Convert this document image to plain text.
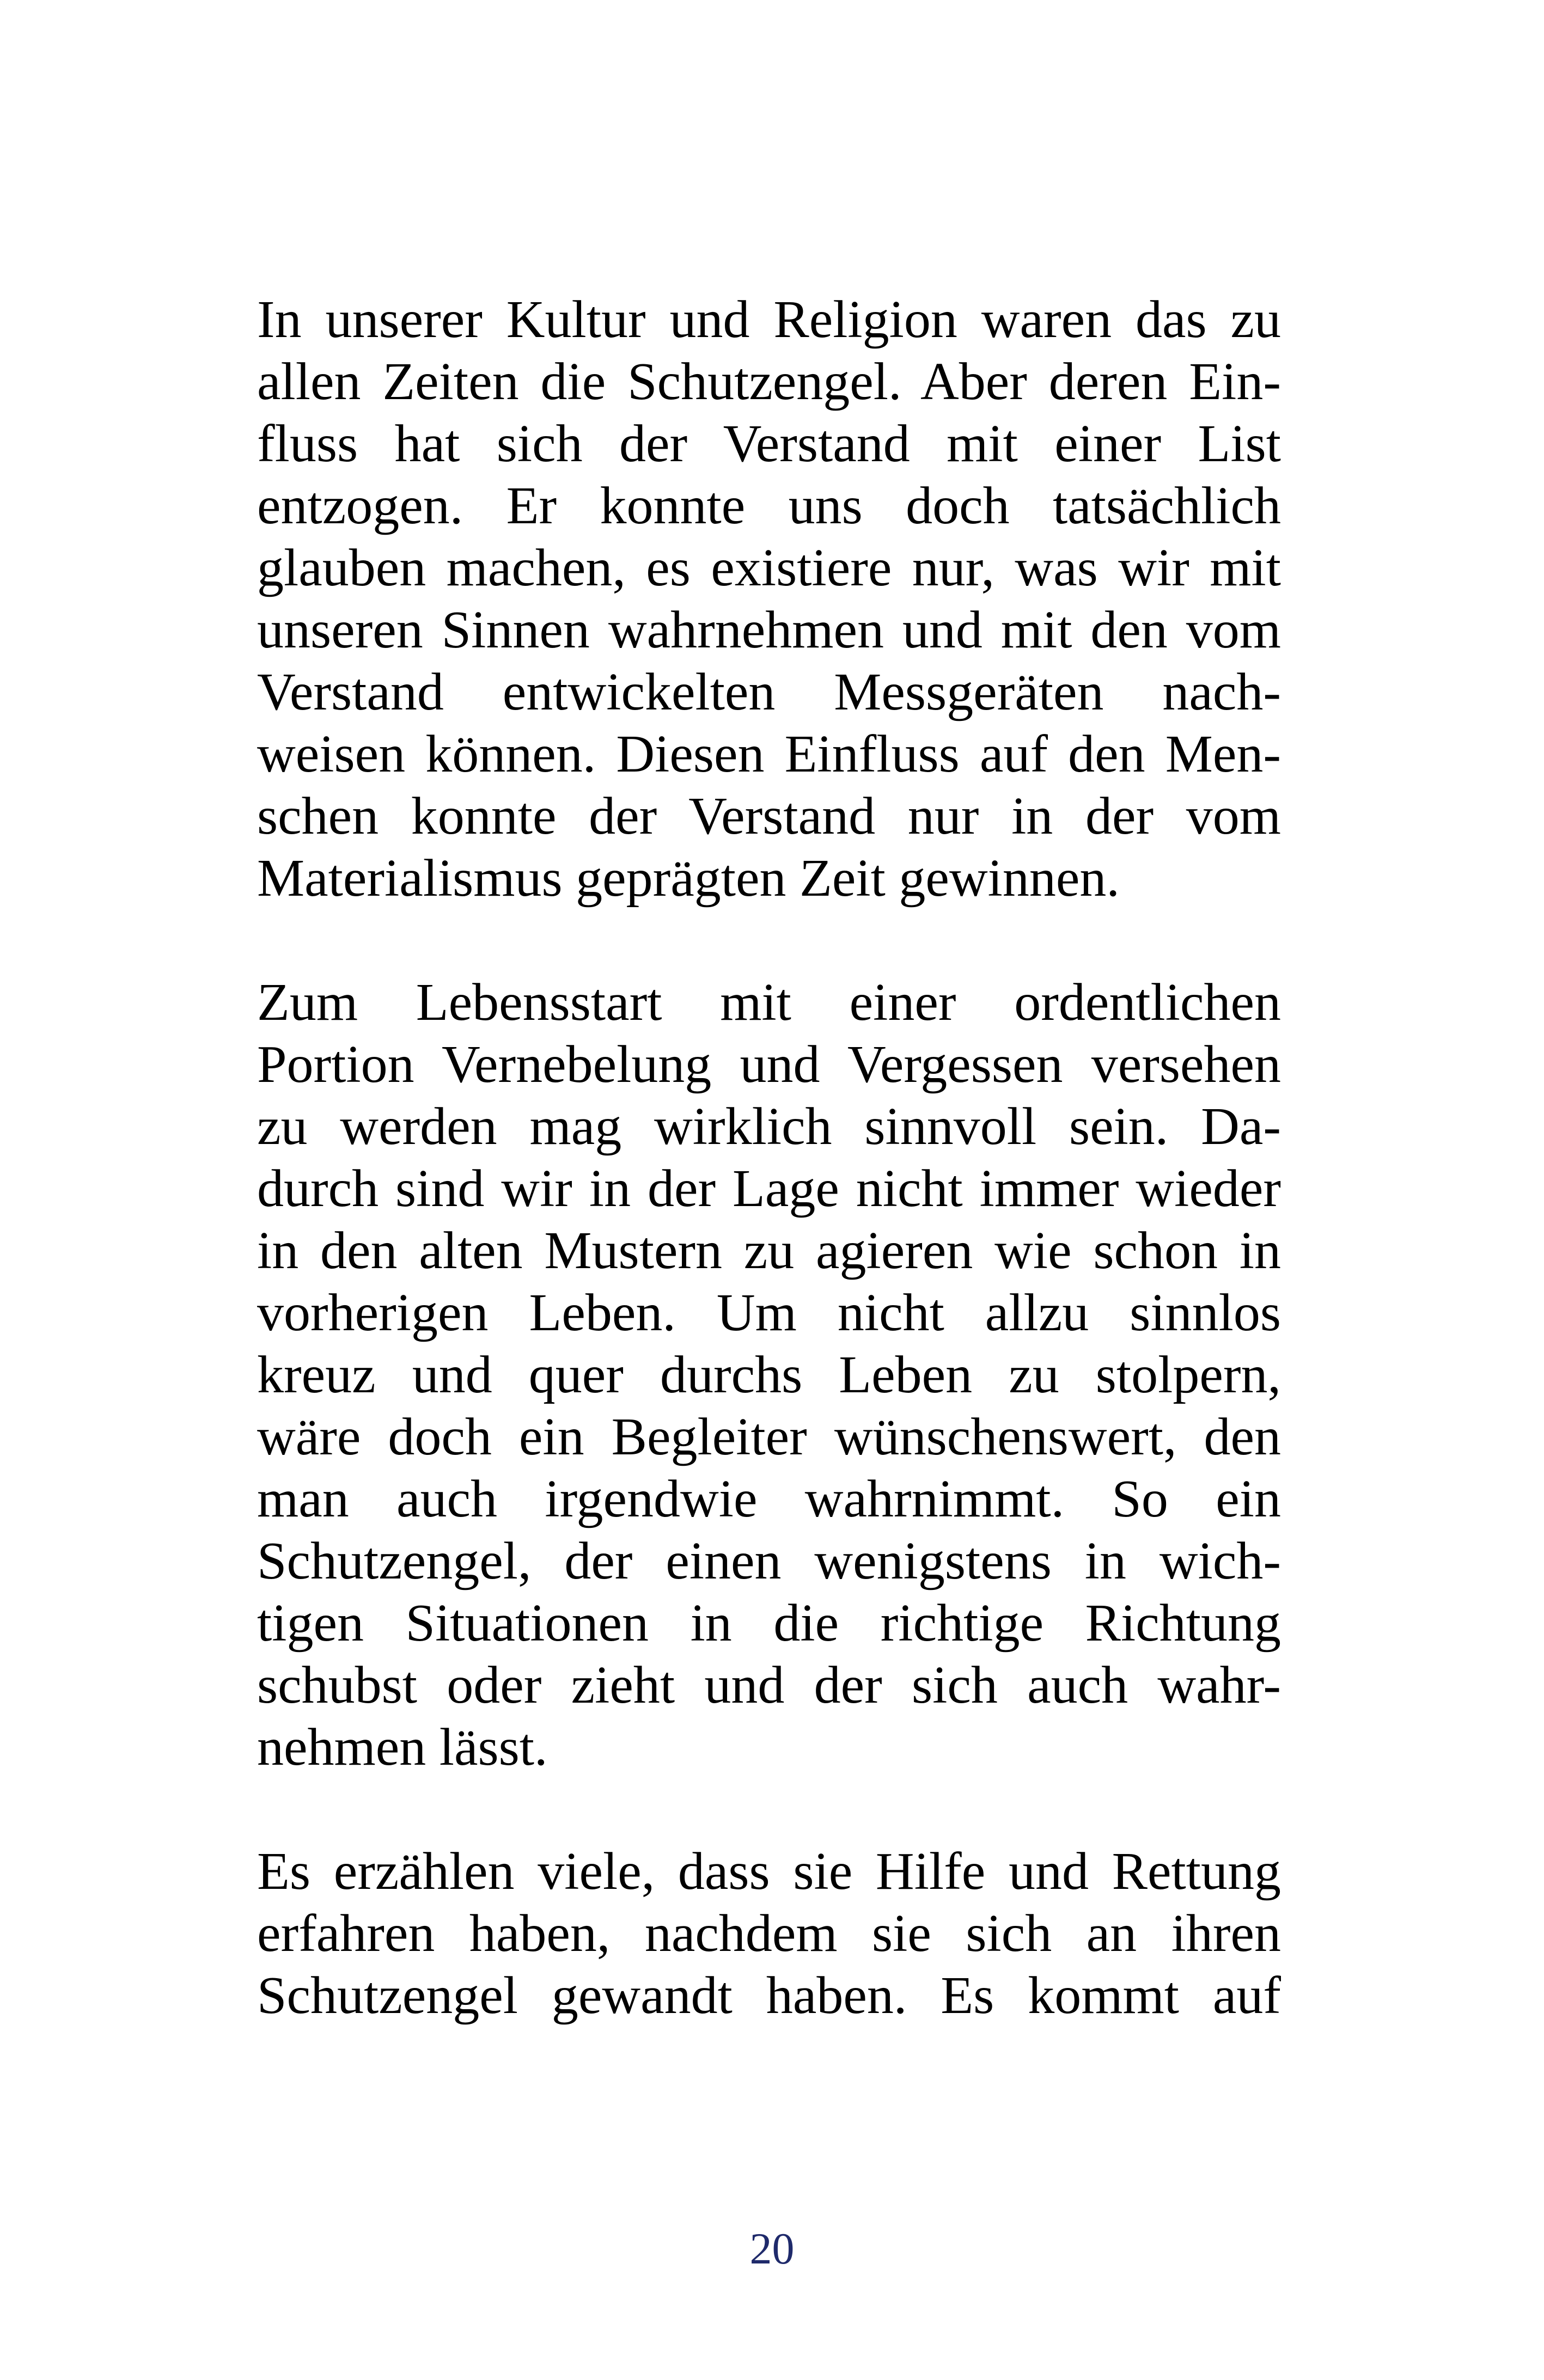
In unserer Kultur und Religion waren das zu
allen Zeiten die Schutzengel. Aber deren Ein-
fluss hat sich der Verstand mit einer List
entzogen. Er konnte uns doch tatsächlich
glauben machen, es existiere nur, was wir mit
unseren Sinnen wahrnehmen und mit den vom
Verstand entwickelten Messgeräten nach-
weisen können. Diesen Einfluss auf den Men-
schen konnte der Verstand nur in der vom
Materialismus geprägten Zeit gewinnen.
Zum Lebensstart mit einer ordentlichen
Portion Vernebelung und Vergessen versehen
zu werden mag wirklich sinnvoll sein. Da-
durch sind wir in der Lage nicht immer wieder
in den alten Mustern zu agieren wie schon in
vorherigen Leben. Um nicht allzu sinnlos
kreuz und quer durchs Leben zu stolpern,
wäre doch ein Begleiter wünschenswert, den
man auch irgendwie wahrnimmt. So ein
Schutzengel, der einen wenigstens in wich-
tigen Situationen in die richtige Richtung
schubst oder zieht und der sich auch wahr-
nehmen lässt.
Es erzählen viele, dass sie Hilfe und Rettung
erfahren haben, nachdem sie sich an ihren
Schutzengel gewandt haben. Es kommt auf
20
